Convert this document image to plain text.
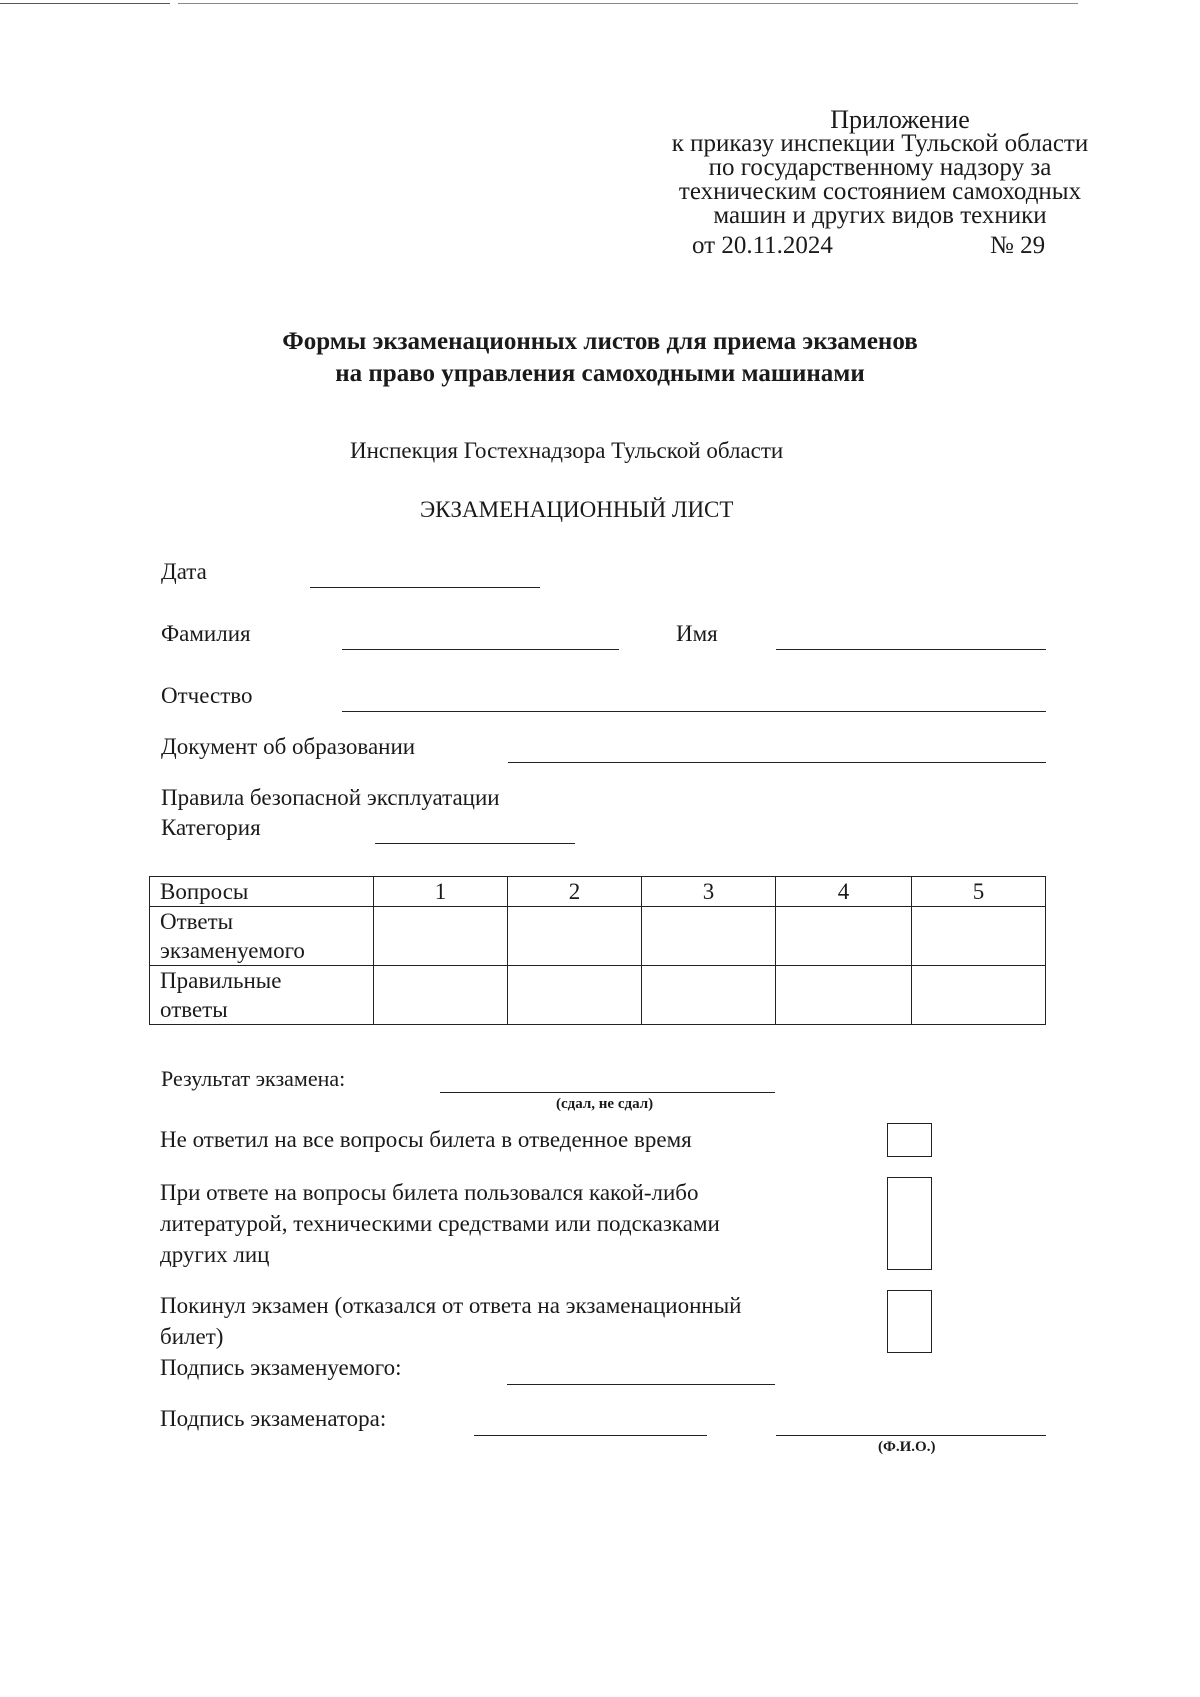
Приложение
к приказу инспекции Тульской области
по государственному надзору за
техническим состоянием самоходных
машин и других видов техники
от 20.11.2024	№ 29
Формы экзаменационных листов для приема экзаменов
на право управления самоходными машинами
Инспекция Гостехнадзора Тульской области
ЭКЗАМЕНАЦИОННЫЙ ЛИСТ
Дата
Фамилия	Имя
Отчество
Документ об образовании
Правила безопасной эксплуатации
Категория
Вопросы	1	2	3	4	5

Ответы
экзаменуемого					

Правильные
ответы					

Результат экзамена:
(сдал, не сдал)
Не ответил на все вопросы билета в отведенное время
При ответе на вопросы билета пользовался какой-либо
литературой, техническими средствами или подсказками
других лиц
Покинул экзамен (отказался от ответа на экзаменационный
билет)
Подпись экзаменуемого:
Подпись экзаменатора:
(Ф.И.О.)
